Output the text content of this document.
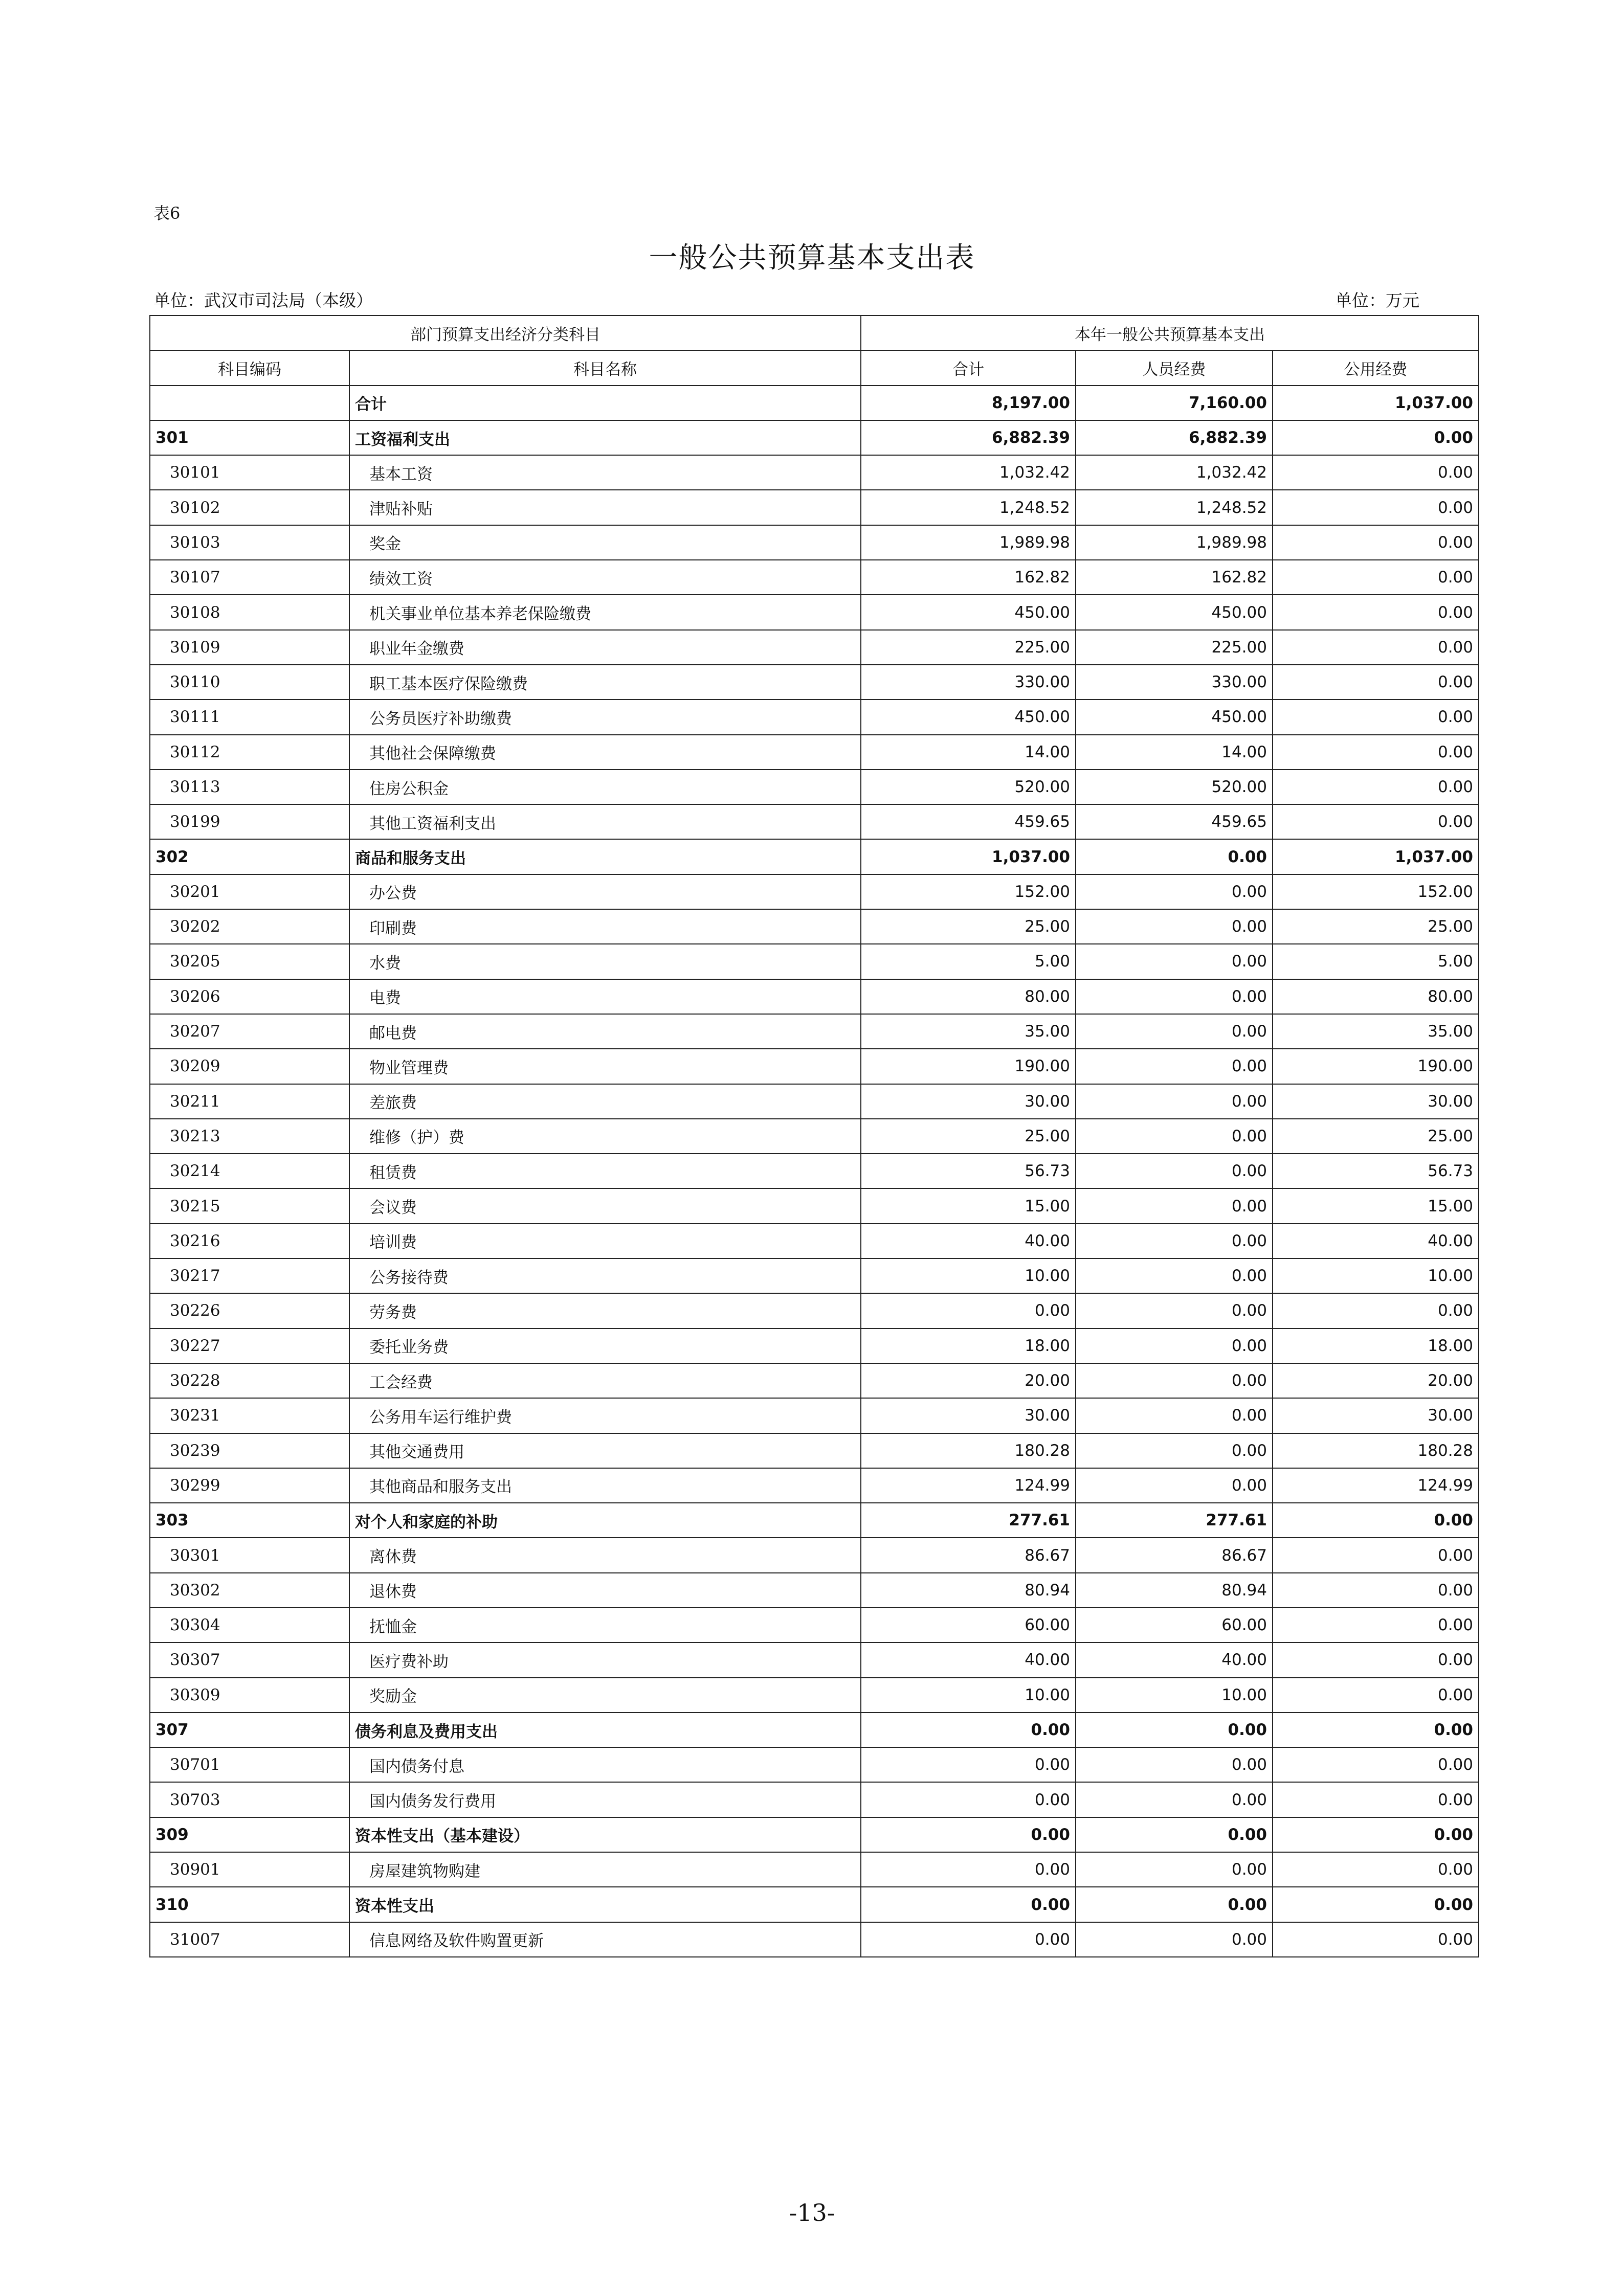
表6
一般公共预算基本支出表
单位：武汉市司法局（本级）	单位：万元
部门预算支出经济分类科目		本年一般公共预算基本支出		
科目编码	科目名称	合计	人员经费	公用经费
	合计	8,197.00	7,160.00	1,037.00
301	工资福利支出	6,882.39	6,882.39	0.00
30101	基本工资	1,032.42	1,032.42	0.00
30102	津贴补贴	1,248.52	1,248.52	0.00
30103	奖金	1,989.98	1,989.98	0.00
30107	绩效工资	162.82	162.82	0.00
30108	机关事业单位基本养老保险缴费	450.00	450.00	0.00
30109	职业年金缴费	225.00	225.00	0.00
30110	职工基本医疗保险缴费	330.00	330.00	0.00
30111	公务员医疗补助缴费	450.00	450.00	0.00
30112	其他社会保障缴费	14.00	14.00	0.00
30113	住房公积金	520.00	520.00	0.00
30199	其他工资福利支出	459.65	459.65	0.00
302	商品和服务支出	1,037.00	0.00	1,037.00
30201	办公费	152.00	0.00	152.00
30202	印刷费	25.00	0.00	25.00
30205	水费	5.00	0.00	5.00
30206	电费	80.00	0.00	80.00
30207	邮电费	35.00	0.00	35.00
30209	物业管理费	190.00	0.00	190.00
30211	差旅费	30.00	0.00	30.00
30213	维修（护）费	25.00	0.00	25.00
30214	租赁费	56.73	0.00	56.73
30215	会议费	15.00	0.00	15.00
30216	培训费	40.00	0.00	40.00
30217	公务接待费	10.00	0.00	10.00
30226	劳务费	0.00	0.00	0.00
30227	委托业务费	18.00	0.00	18.00
30228	工会经费	20.00	0.00	20.00
30231	公务用车运行维护费	30.00	0.00	30.00
30239	其他交通费用	180.28	0.00	180.28
30299	其他商品和服务支出	124.99	0.00	124.99
303	对个人和家庭的补助	277.61	277.61	0.00
30301	离休费	86.67	86.67	0.00
30302	退休费	80.94	80.94	0.00
30304	抚恤金	60.00	60.00	0.00
30307	医疗费补助	40.00	40.00	0.00
30309	奖励金	10.00	10.00	0.00
307	债务利息及费用支出	0.00	0.00	0.00
30701	国内债务付息	0.00	0.00	0.00
30703	国内债务发行费用	0.00	0.00	0.00
309	资本性支出（基本建设）	0.00	0.00	0.00
30901	房屋建筑物购建	0.00	0.00	0.00
310	资本性支出	0.00	0.00	0.00
31007	信息网络及软件购置更新	0.00	0.00	0.00
-13-
